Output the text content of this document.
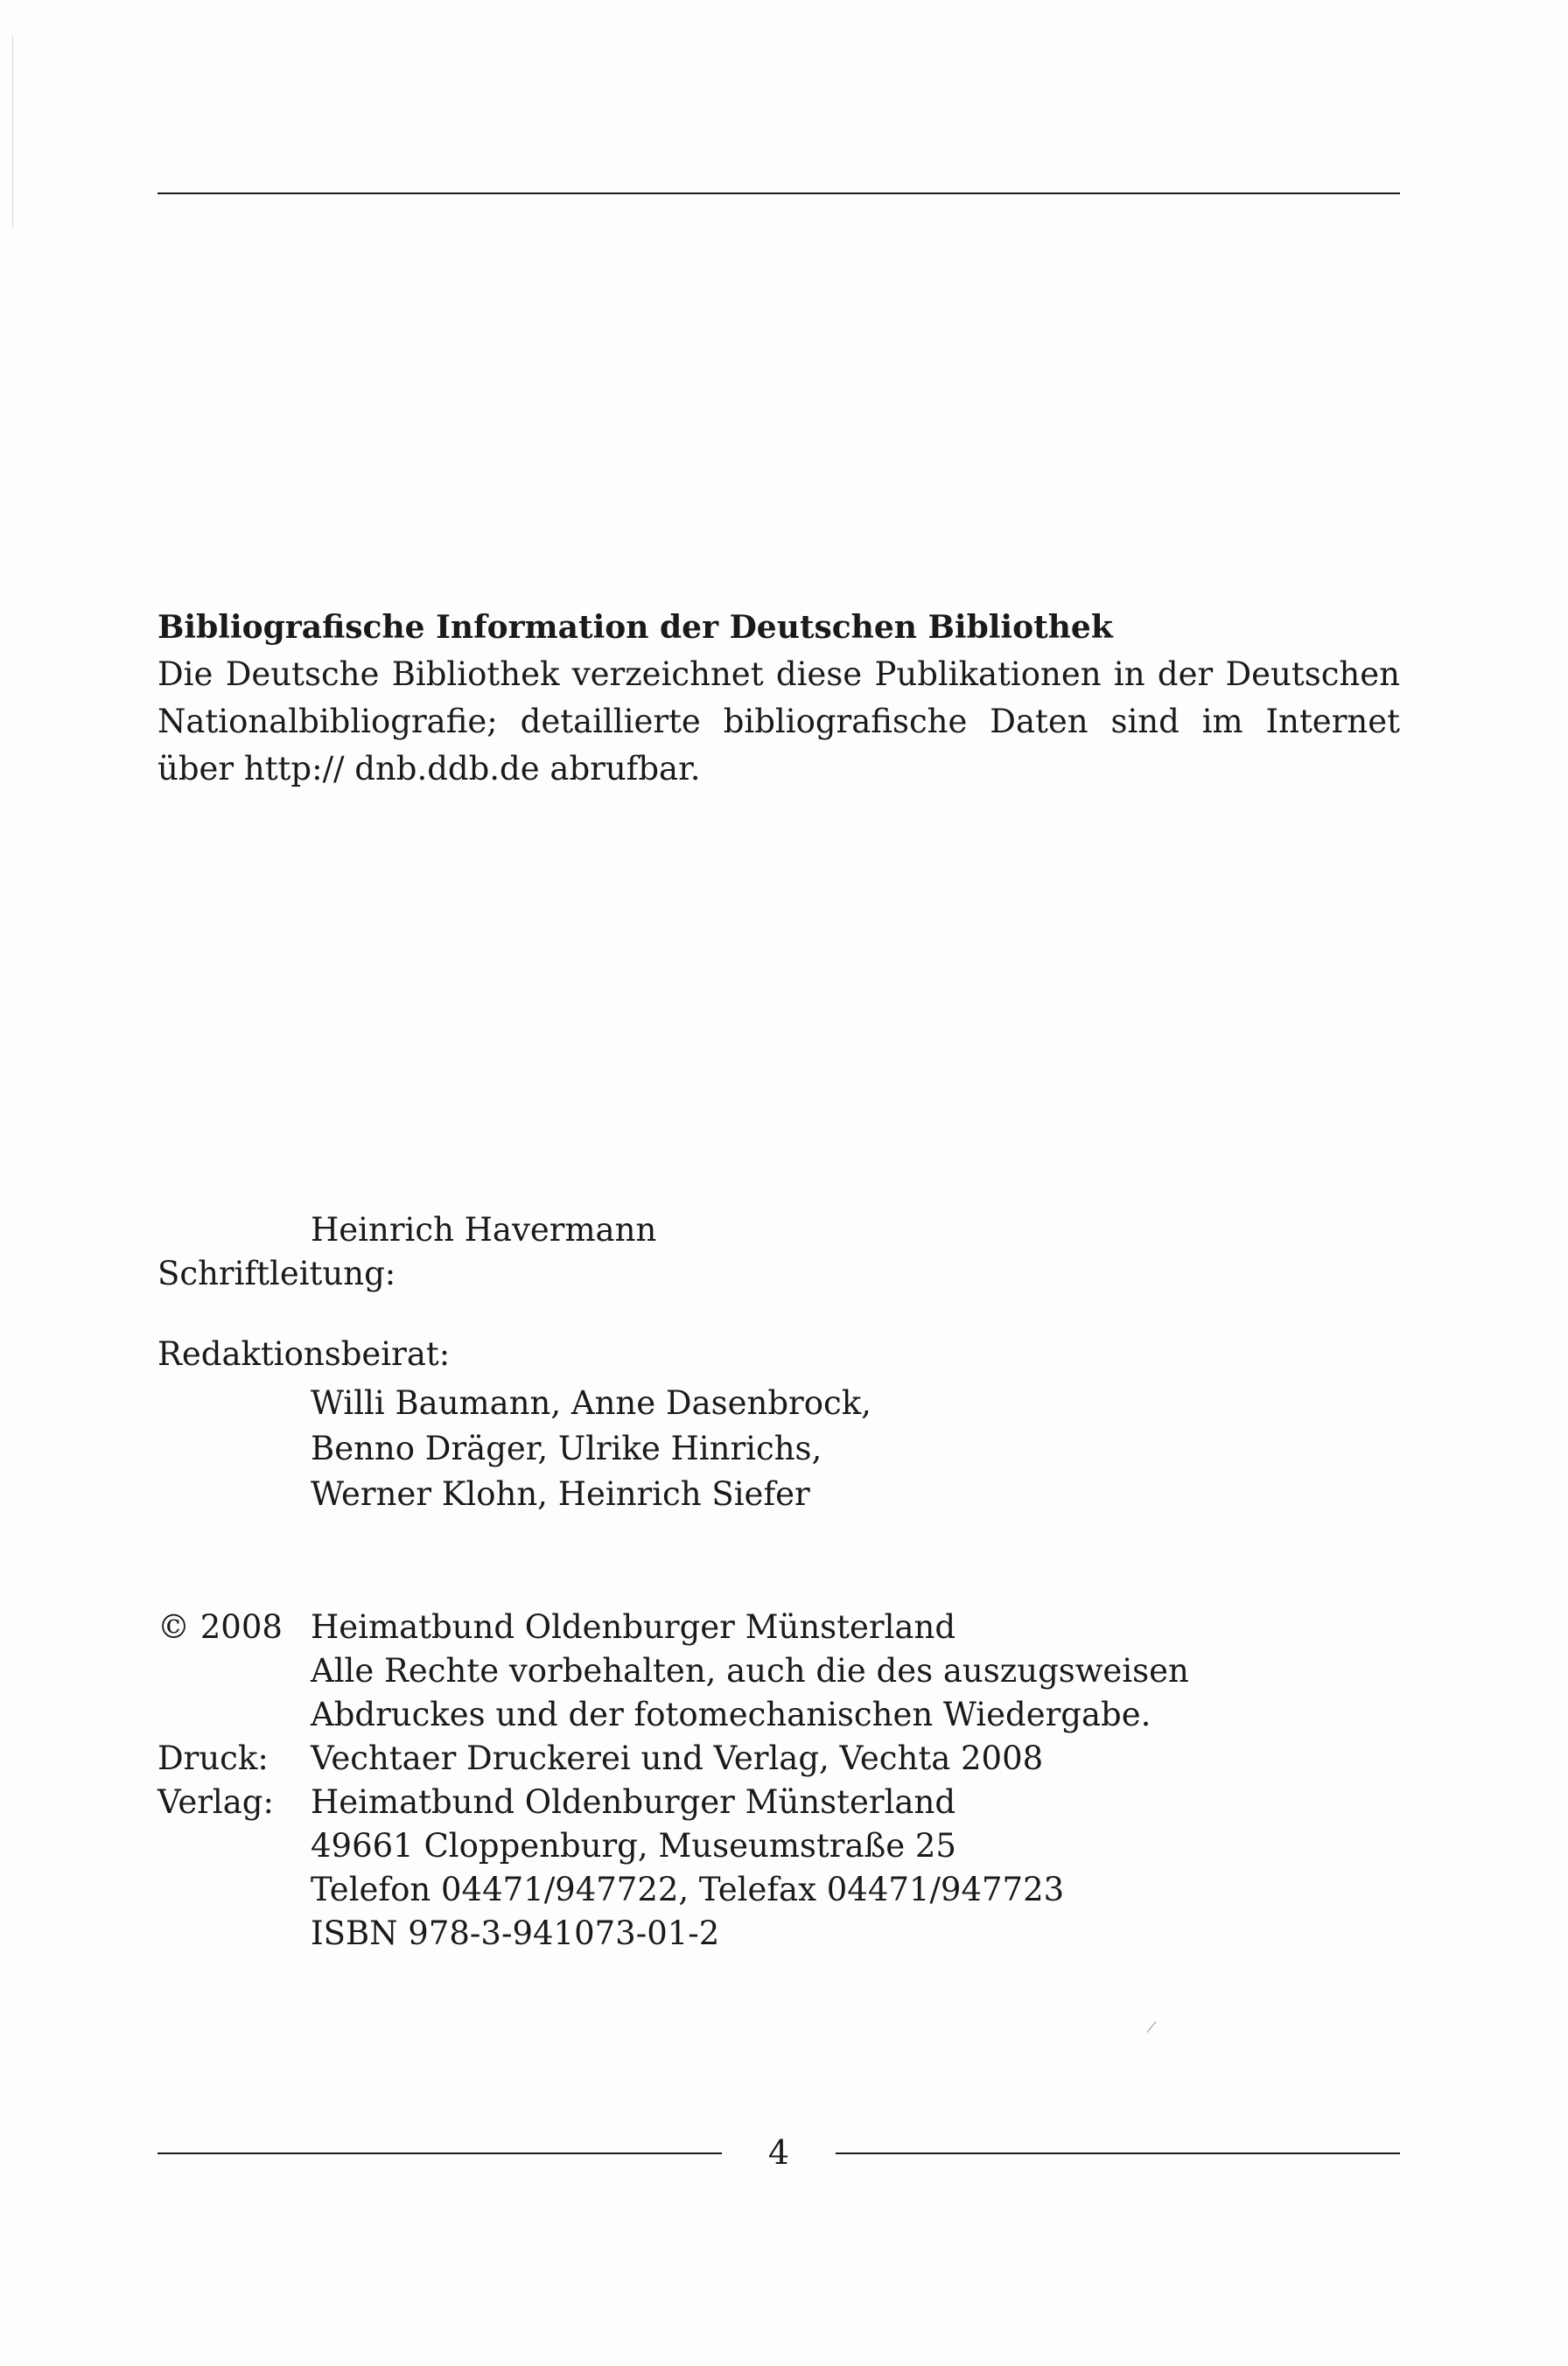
Bibliografische Information der Deutschen Bibliothek
Die Deutsche Bibliothek verzeichnet diese Publikationen in der Deutschen Nationalbibliografie; detaillierte bibliografische Daten sind im Internet über http:// dnb.ddb.de abrufbar.
Schriftleitung:
Heinrich Havermann
Redaktionsbeirat:
Willi Baumann, Anne Dasenbrock,
Benno Dräger, Ulrike Hinrichs,
Werner Klohn, Heinrich Siefer
© 2008 Heimatbund Oldenburger Münsterland
Alle Rechte vorbehalten, auch die des auszugsweisen
Abdruckes und der fotomechanischen Wiedergabe.
Druck:	Vechtaer Druckerei und Verlag, Vechta 2008
Verlag:	Heimatbund Oldenburger Münsterland
49661 Cloppenburg, Museumstraße 25
Telefon 04471/947722, Telefax 04471/947723
ISBN 978-3-941073-01-2
4
